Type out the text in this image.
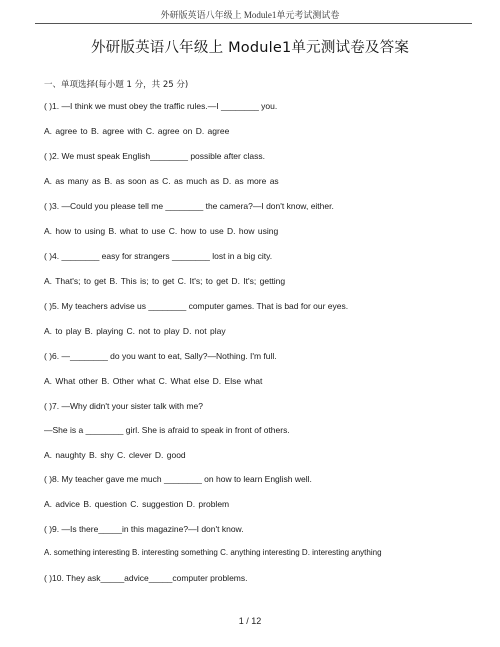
外研版英语八年级上 Module1单元考试测试卷
外研版英语八年级上 Module1单元测试卷及答案
一、单项选择(每小题 1 分，共 25 分)
( )1. —I think we must obey the traffic rules.—I ________ you.
A. agree to B. agree with C. agree on D. agree
( )2. We must speak English________ possible after class.
A. as many as B. as soon as C. as much as D. as more as
( )3. —Could you please tell me ________ the camera?—I don't know, either.
A. how to using B. what to use C. how to use D. how using
( )4. ________ easy for strangers ________ lost in a big city.
A. That's; to get B. This is; to get C. It's; to get D. It's; getting
( )5. My teachers advise us ________ computer games. That is bad for our eyes.
A. to play B. playing C. not to play D. not play
( )6. —________ do you want to eat, Sally?—Nothing. I'm full.
A. What other B. Other what C. What else D. Else what
( )7. —Why didn't your sister talk with me?
—She is a ________ girl. She is afraid to speak in front of others.
A. naughty B. shy C. clever D. good
( )8. My teacher gave me much ________ on how to learn English well.
A. advice B. question C. suggestion D. problem
( )9. —Is there_____in this magazine?—I don't know.
A. something interesting B. interesting something C. anything interesting D. interesting anything
( )10. They ask_____advice_____computer problems.
1 / 12
